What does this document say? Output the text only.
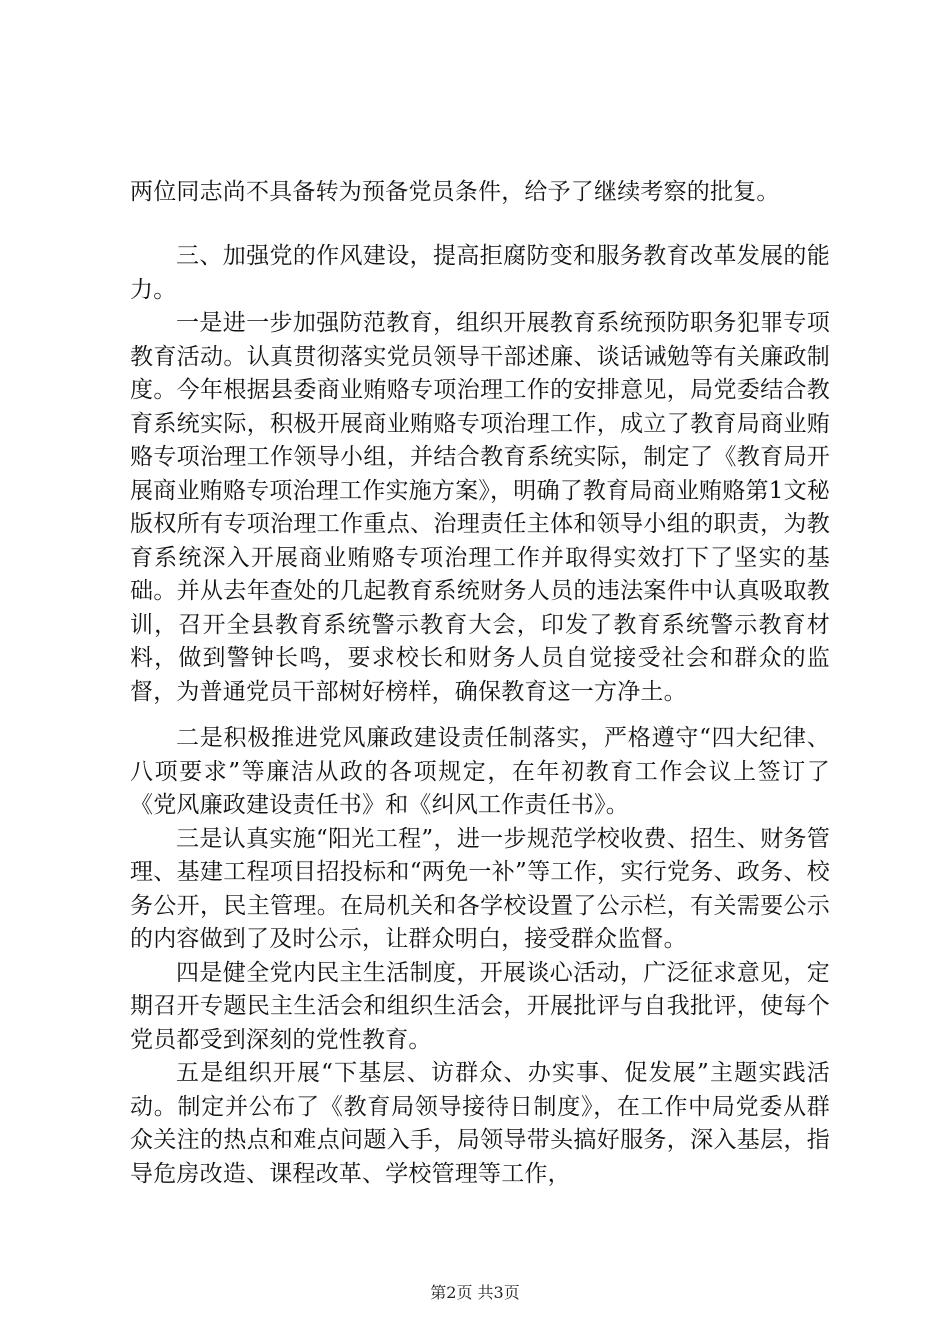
两位同志尚不具备转为预备党员条件，给予了继续考察的批复。

三、加强党的作风建设，提高拒腐防变和服务教育改革发展的能力。

一是进一步加强防范教育，组织开展教育系统预防职务犯罪专项教育活动。认真贯彻落实党员领导干部述廉、谈话诫勉等有关廉政制度。今年根据县委商业贿赂专项治理工作的安排意见，局党委结合教育系统实际，积极开展商业贿赂专项治理工作，成立了教育局商业贿赂专项治理工作领导小组，并结合教育系统实际，制定了《教育局开展商业贿赂专项治理工作实施方案》，明确了教育局商业贿赂第1文秘版权所有专项治理工作重点、治理责任主体和领导小组的职责，为教育系统深入开展商业贿赂专项治理工作并取得实效打下了坚实的基础。并从去年查处的几起教育系统财务人员的违法案件中认真吸取教训，召开全县教育系统警示教育大会，印发了教育系统警示教育材料，做到警钟长鸣，要求校长和财务人员自觉接受社会和群众的监督，为普通党员干部树好榜样，确保教育这一方净土。

二是积极推进党风廉政建设责任制落实，严格遵守“四大纪律、八项要求”等廉洁从政的各项规定，在年初教育工作会议上签订了《党风廉政建设责任书》和《纠风工作责任书》。

三是认真实施“阳光工程”，进一步规范学校收费、招生、财务管理、基建工程项目招投标和“两免一补”等工作，实行党务、政务、校务公开，民主管理。在局机关和各学校设置了公示栏，有关需要公示的内容做到了及时公示，让群众明白，接受群众监督。

四是健全党内民主生活制度，开展谈心活动，广泛征求意见，定期召开专题民主生活会和组织生活会，开展批评与自我批评，使每个党员都受到深刻的党性教育。

五是组织开展“下基层、访群众、办实事、促发展”主题实践活动。制定并公布了《教育局领导接待日制度》，在工作中局党委从群众关注的热点和难点问题入手，局领导带头搞好服务，深入基层，指导危房改造、课程改革、学校管理等工作，

第2页 共3页
